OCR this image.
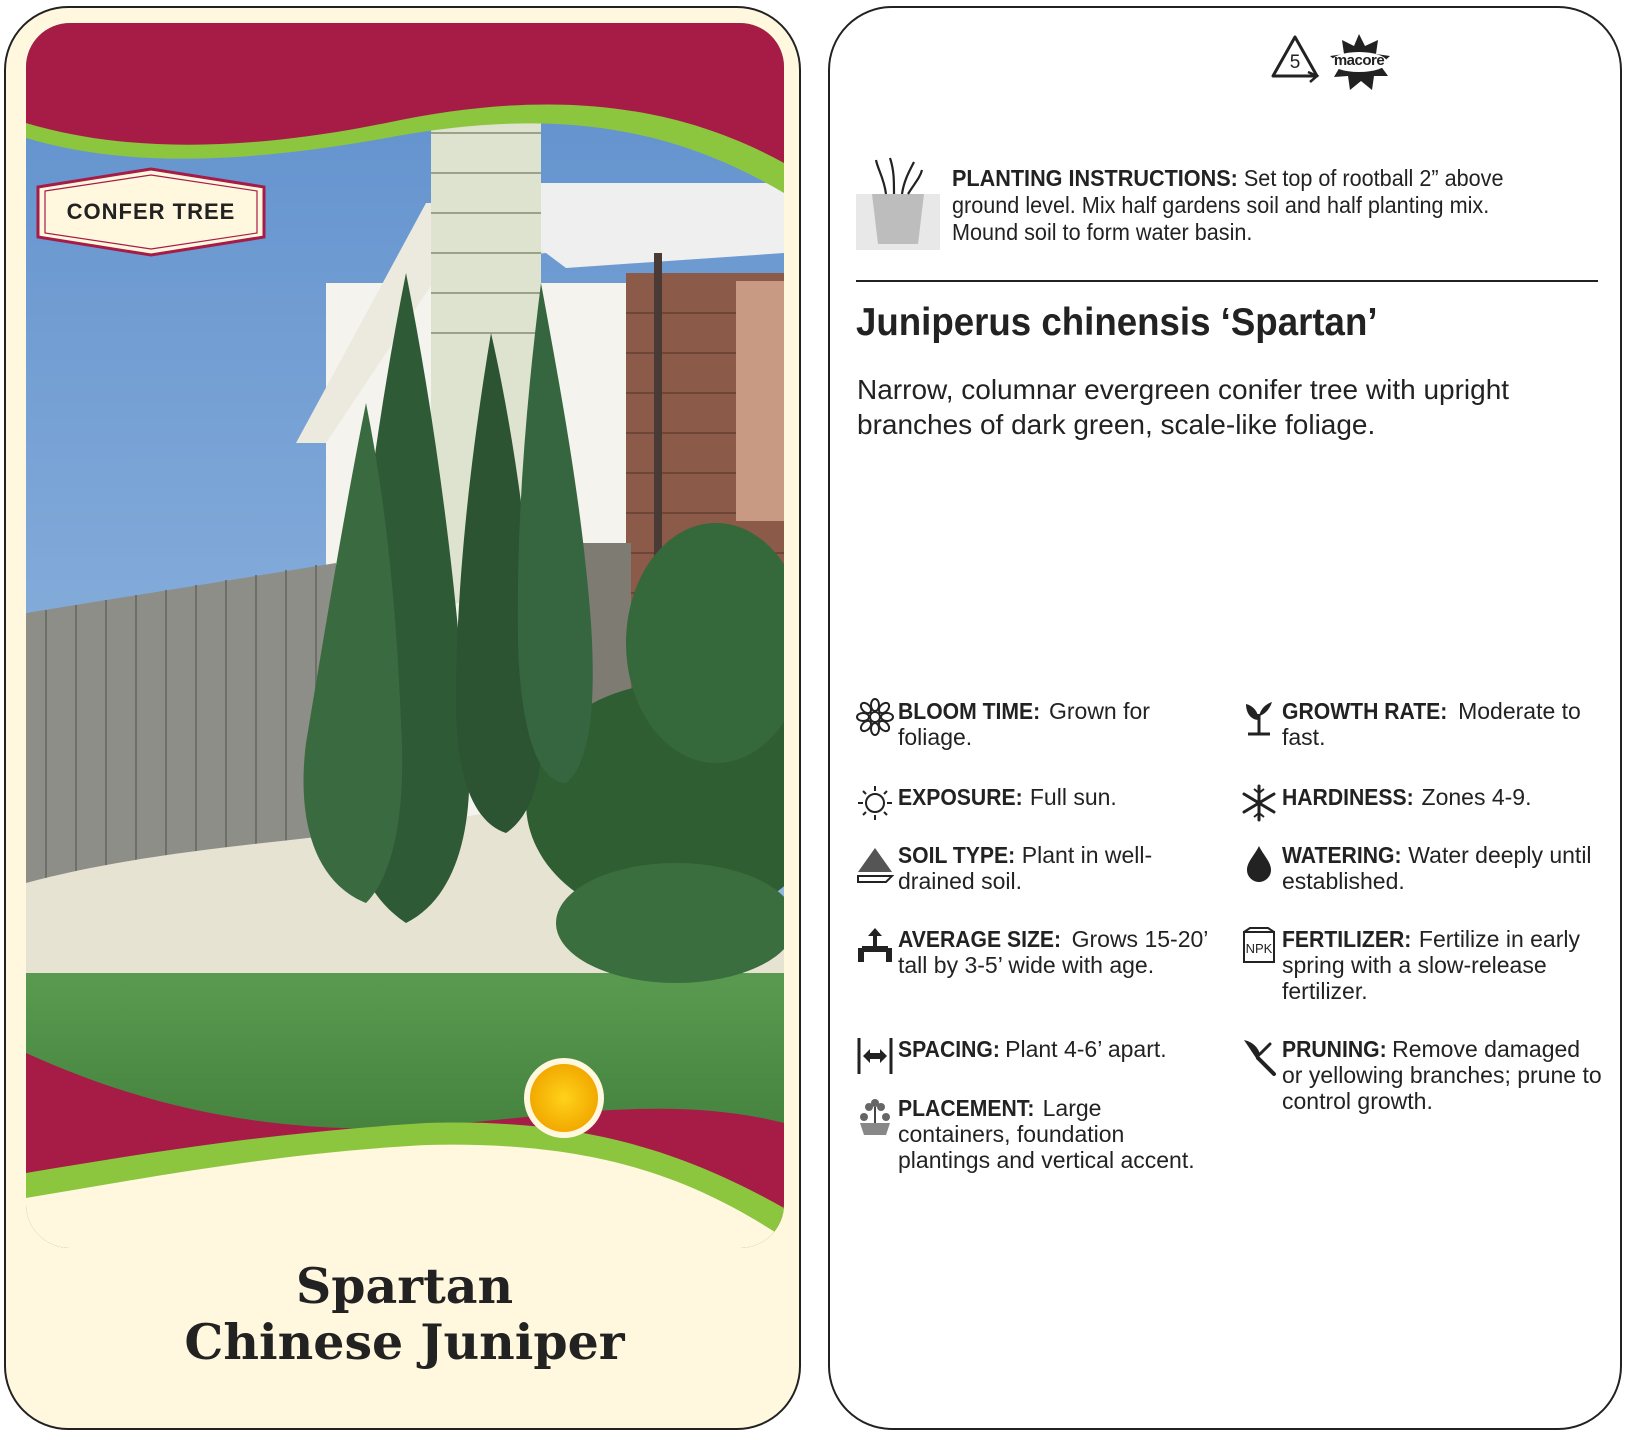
CONFER TREE
Spartan
Chinese Juniper
5	macore
PLANTING INSTRUCTIONS: Set top of rootball 2” above ground level. Mix half gardens soil and half planting mix. Mound soil to form water basin.
Juniperus chinensis ‘Spartan’
Narrow, columnar evergreen conifer tree with upright branches of dark green, scale-like foliage.
BLOOM TIME: Grown for foliage.
EXPOSURE: Full sun.
SOIL TYPE: Plant in well-drained soil.
AVERAGE SIZE: Grows 15-20’ tall by 3-5’ wide with age.
SPACING: Plant 4-6’ apart.
PLACEMENT: Large containers, foundation plantings and vertical accent.
GROWTH RATE: Moderate to fast.
HARDINESS: Zones 4-9.
WATERING: Water deeply until established.
NPK FERTILIZER: Fertilize in early spring with a slow-release fertilizer.
PRUNING: Remove damaged or yellowing branches; prune to control growth.
